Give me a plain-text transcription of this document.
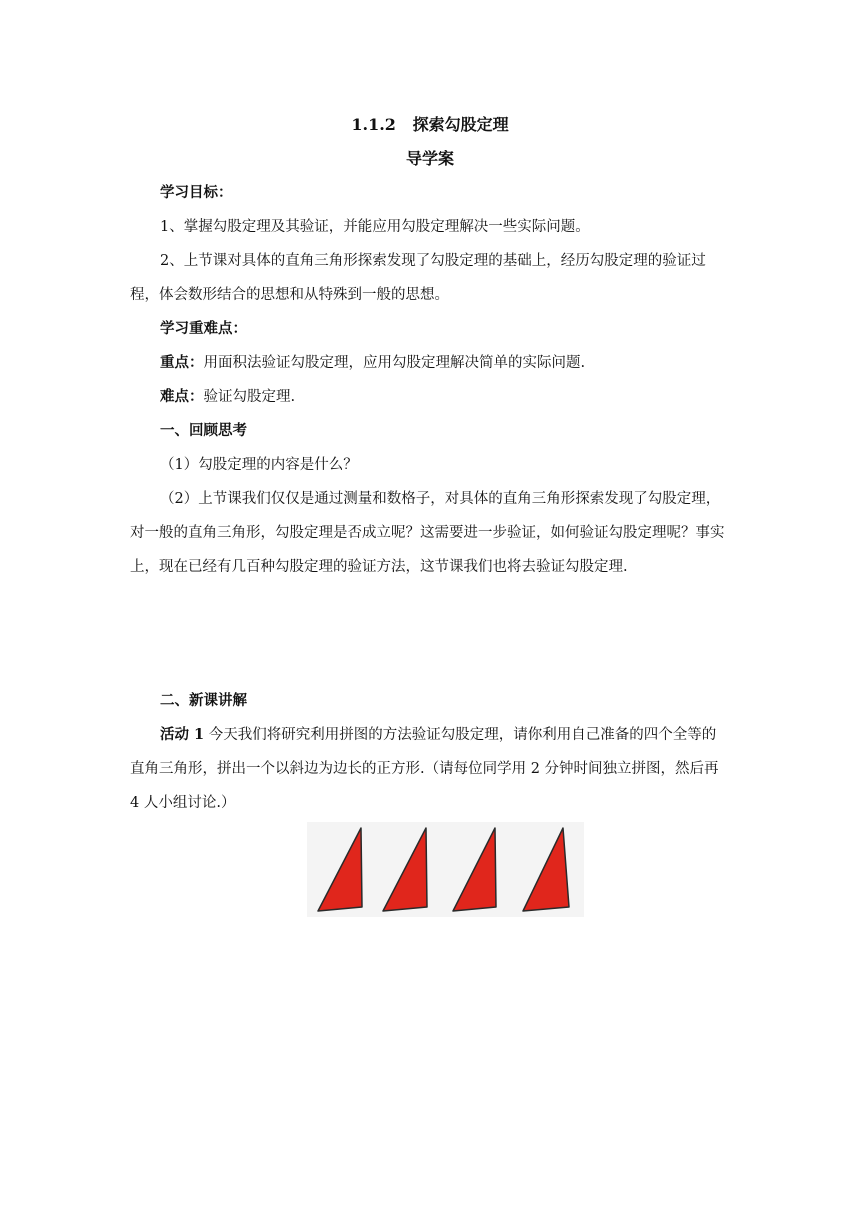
1.1.2 探索勾股定理
导学案
学习目标：
1、掌握勾股定理及其验证，并能应用勾股定理解决一些实际问题。
2、上节课对具体的直角三角形探索发现了勾股定理的基础上，经历勾股定理的验证过程，体会数形结合的思想和从特殊到一般的思想。
学习重难点：
重点：用面积法验证勾股定理，应用勾股定理解决简单的实际问题.
难点：验证勾股定理.
一、回顾思考
（1）勾股定理的内容是什么？
（2）上节课我们仅仅是通过测量和数格子，对具体的直角三角形探索发现了勾股定理，对一般的直角三角形，勾股定理是否成立呢？这需要进一步验证，如何验证勾股定理呢？事实上，现在已经有几百种勾股定理的验证方法，这节课我们也将去验证勾股定理.
二、新课讲解
活动 1 今天我们将研究利用拼图的方法验证勾股定理，请你利用自己准备的四个全等的直角三角形，拼出一个以斜边为边长的正方形.（请每位同学用 2 分钟时间独立拼图，然后再 4 人小组讨论.）
